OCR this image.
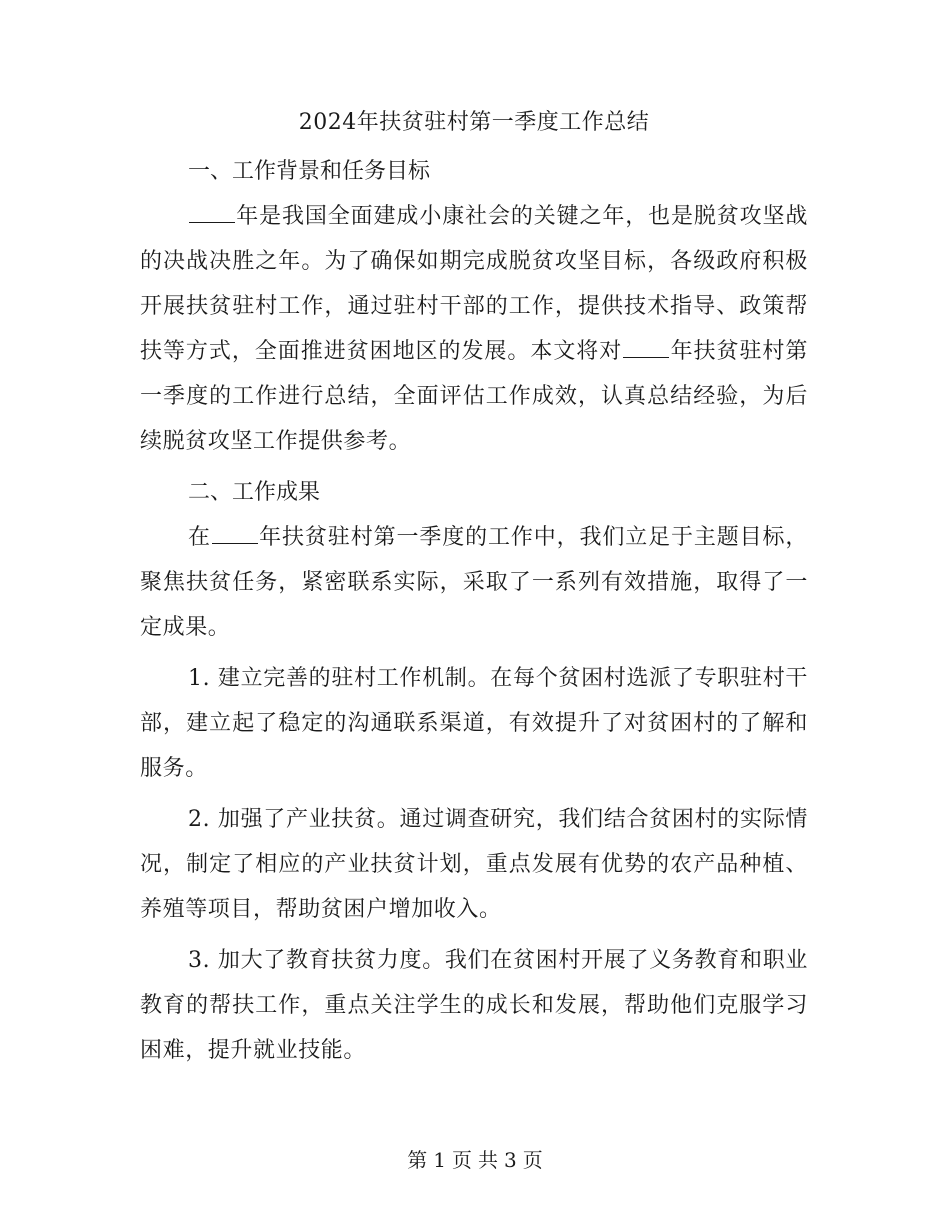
2024年扶贫驻村第一季度工作总结

一、工作背景和任务目标

年是我国全面建成小康社会的关键之年，也是脱贫攻坚战的决战决胜之年。为了确保如期完成脱贫攻坚目标，各级政府积极开展扶贫驻村工作，通过驻村干部的工作，提供技术指导、政策帮扶等方式，全面推进贫困地区的发展。本文将对 年扶贫驻村第一季度的工作进行总结，全面评估工作成效，认真总结经验，为后续脱贫攻坚工作提供参考。

二、工作成果

在 年扶贫驻村第一季度的工作中，我们立足于主题目标，聚焦扶贫任务，紧密联系实际，采取了一系列有效措施，取得了一定成果。

1. 建立完善的驻村工作机制。在每个贫困村选派了专职驻村干部，建立起了稳定的沟通联系渠道，有效提升了对贫困村的了解和服务。

2. 加强了产业扶贫。通过调查研究，我们结合贫困村的实际情况，制定了相应的产业扶贫计划，重点发展有优势的农产品种植、养殖等项目，帮助贫困户增加收入。

3. 加大了教育扶贫力度。我们在贫困村开展了义务教育和职业教育的帮扶工作，重点关注学生的成长和发展，帮助他们克服学习困难，提升就业技能。

第 1 页 共 3 页
